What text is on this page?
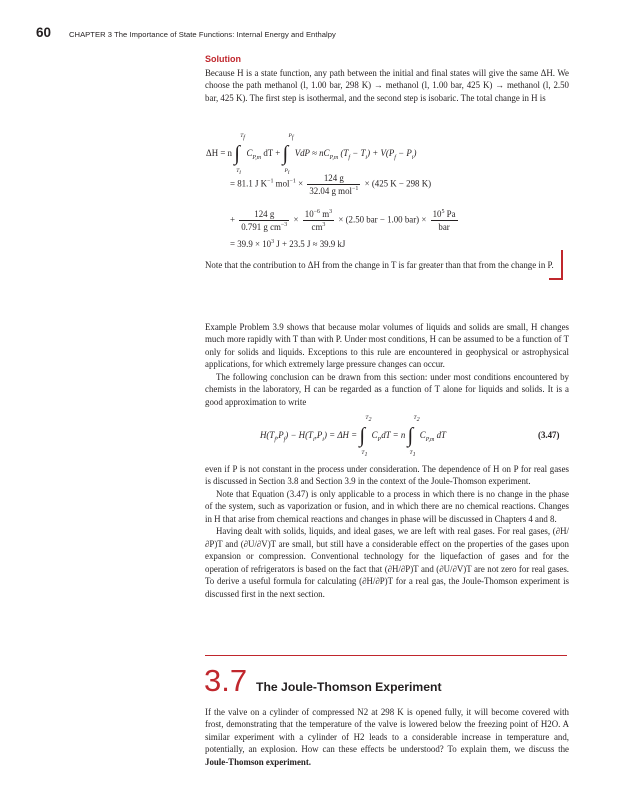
60	CHAPTER 3 The Importance of State Functions: Internal Energy and Enthalpy
Solution

Because H is a state function, any path between the initial and final states will give the same ΔH. We choose the path methanol (l, 1.00 bar, 298 K) → methanol (l, 1.00 bar, 425 K) → methanol (l, 2.50 bar, 425 K). The first step is isothermal, and the second step is isobaric. The total change in H is

ΔH = n ∫
$T_f$
$T_i$
$C_{P,m}$ dT + ∫
$P_f$
$P_i$
VdP ≈ $nC_{P,m}$ $(T_f - T_i) + V(P_f - P_i)$
= 81.1 J $K^{-1}$ $mol^{-1} \times \frac{124 g}{32.04 g mol^{-1}} \times (425$ K − 298 K)
+ $\frac{124 g}{0.791 g cm^{-3}} \times \frac{10^{-6} m^3}{cm^3} \times (2.50$ bar − 1.00 $bar) \times \frac{10^5 Pa}{\text{bar}}$
= $39.9 \times 10^3$ J + 23.5 J ≈ 39.9 kJ

Note that the contribution to ΔH from the change in T is far greater than that from the change in P.

Example Problem 3.9 shows that because molar volumes of liquids and solids are small, H changes much more rapidly with T than with P. Under most conditions, H can be assumed to be a function of T only for solids and liquids. Exceptions to this rule are encountered in geophysical or astrophysical applications, for which extremely large pressure changes can occur.

The following conclusion can be drawn from this section: under most conditions encountered by chemists in the laboratory, H can be regarded as a function of T alone for liquids and solids. It is a good approximation to write

$H(T_f,P_f) - H(T_i,P_i) = \Delta H$ = ∫
$T_2$
$T_1$
$C_PdT = n$ ∫
$T_2$
$T_1$
$C_{P,m}$ dT	(3.47)

even if P is not constant in the process under consideration. The dependence of H on P for real gases is discussed in Section 3.8 and Section 3.9 in the context of the Joule-Thomson experiment.

Note that Equation (3.47) is only applicable to a process in which there is no change in the phase of the system, such as vaporization or fusion, and in which there are no chemical reactions. Changes in H that arise from chemical reactions and changes in phase will be discussed in Chapters 4 and 8.

Having dealt with solids, liquids, and ideal gases, we are left with real gases. For real gases, (∂H/∂P)T and (∂U/∂V)T are small, but still have a considerable effect on the properties of the gases upon expansion or compression. Conventional technology for the liquefaction of gases and for the operation of refrigerators is based on the fact that (∂H/∂P)T and (∂U/∂V)T are not zero for real gases. To derive a useful formula for calculating (∂H/∂P)T for a real gas, the Joule-Thomson experiment is discussed first in the next section.

3.7 The Joule-Thomson Experiment

If the valve on a cylinder of compressed N2 at 298 K is opened fully, it will become covered with frost, demonstrating that the temperature of the valve is lowered below the freezing point of H2O. A similar experiment with a cylinder of H2 leads to a considerable increase in temperature and, potentially, an explosion. How can these effects be understood? To explain them, we discuss the Joule-Thomson experiment.
